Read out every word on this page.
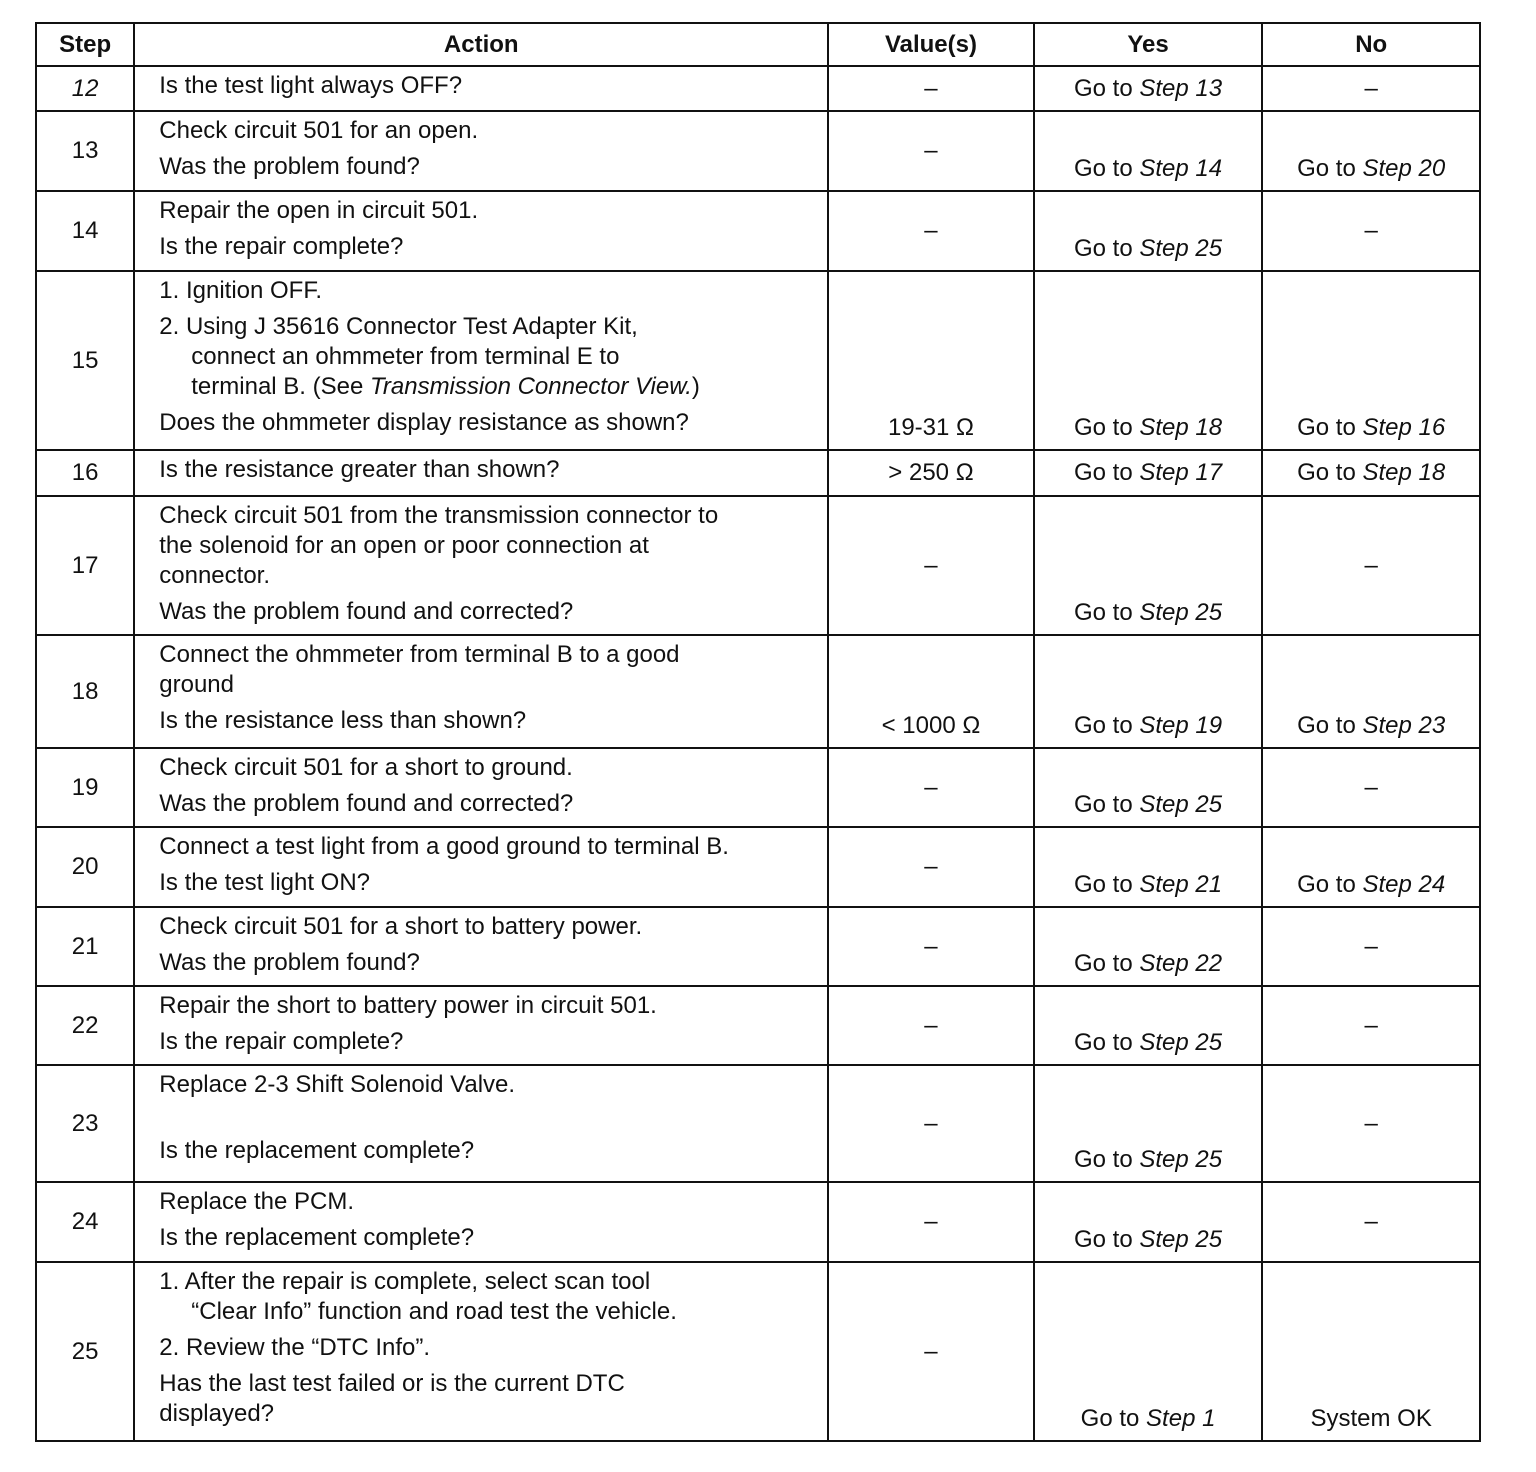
Step	Action	Value(s)	Yes	No
12	Is the test light always OFF?	–	Go to Step 13	–

13	Check circuit 501 for an open.
Was the problem found?	–	Go to Step 14	Go to Step 20

14	Repair the open in circuit 501.
Is the repair complete?	–	Go to Step 25	–

15	1. Ignition OFF.
2. Using J 35616 Connector Test Adapter Kit,
connect an ohmmeter from terminal E to
terminal B. (See Transmission Connector View.)
Does the ohmmeter display resistance as shown?	19-31 Ω	Go to Step 18	Go to Step 16

16	Is the resistance greater than shown?	> 250 Ω	Go to Step 17	Go to Step 18

17	Check circuit 501 from the transmission connector to
the solenoid for an open or poor connection at
connector.
Was the problem found and corrected?	–	Go to Step 25	–

18	Connect the ohmmeter from terminal B to a good
ground
Is the resistance less than shown?	< 1000 Ω	Go to Step 19	Go to Step 23

19	Check circuit 501 for a short to ground.
Was the problem found and corrected?	–	Go to Step 25	–

20	Connect a test light from a good ground to terminal B.
Is the test light ON?	–	Go to Step 21	Go to Step 24

21	Check circuit 501 for a short to battery power.
Was the problem found?	–	Go to Step 22	–

22	Repair the short to battery power in circuit 501.
Is the repair complete?	–	Go to Step 25	–

23	Replace 2-3 Shift Solenoid Valve.
Is the replacement complete?	–	Go to Step 25	–

24	Replace the PCM.
Is the replacement complete?	–	Go to Step 25	–

25	1. After the repair is complete, select scan tool
“Clear Info” function and road test the vehicle.
2. Review the “DTC Info”.
Has the last test failed or is the current DTC
displayed?	–	Go to Step 1	System OK
